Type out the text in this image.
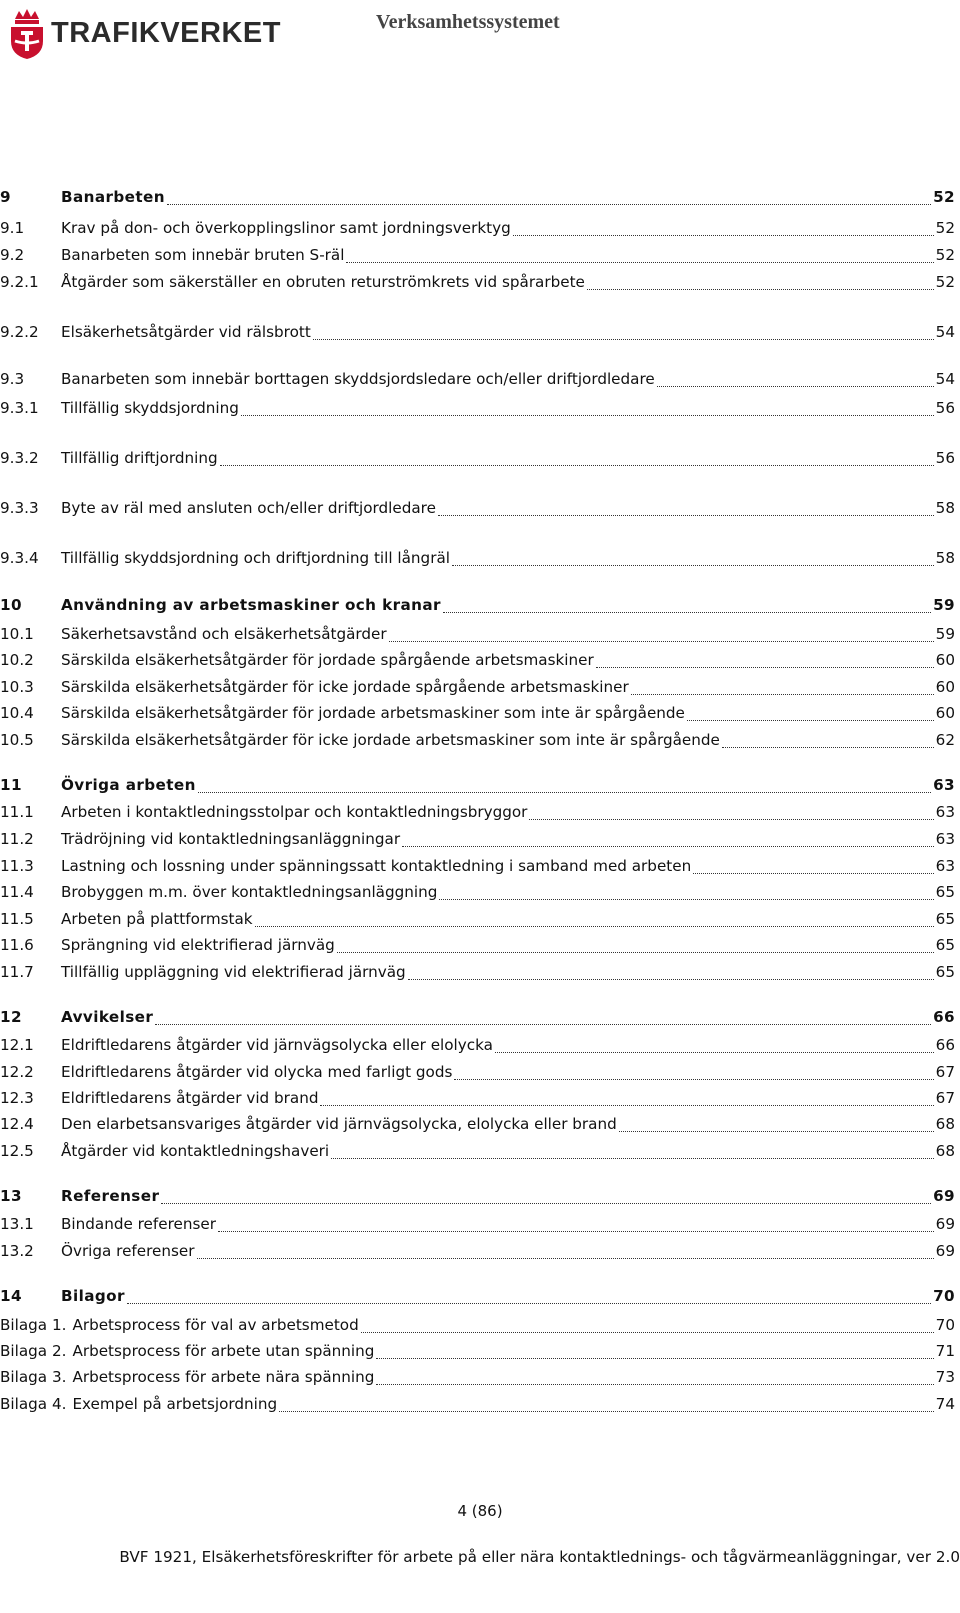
TRAFIKVERKET	Verksamhetssystemet
9	Banarbeten	52
9.1	Krav på don- och överkopplingslinor samt jordningsverktyg	52
9.2	Banarbeten som innebär bruten S-räl	52
9.2.1	Åtgärder som säkerställer en obruten returströmkrets vid spårarbete	52
9.2.2	Elsäkerhetsåtgärder vid rälsbrott	54
9.3	Banarbeten som innebär borttagen skyddsjordsledare och/eller driftjordledare	54
9.3.1	Tillfällig skyddsjordning	56
9.3.2	Tillfällig driftjordning	56
9.3.3	Byte av räl med ansluten och/eller driftjordledare	58
9.3.4	Tillfällig skyddsjordning och driftjordning till långräl	58
10	Användning av arbetsmaskiner och kranar	59
10.1	Säkerhetsavstånd och elsäkerhetsåtgärder	59
10.2	Särskilda elsäkerhetsåtgärder för jordade spårgående arbetsmaskiner	60
10.3	Särskilda elsäkerhetsåtgärder för icke jordade spårgående arbetsmaskiner	60
10.4	Särskilda elsäkerhetsåtgärder för jordade arbetsmaskiner som inte är spårgående	60
10.5	Särskilda elsäkerhetsåtgärder för icke jordade arbetsmaskiner som inte är spårgående	62
11	Övriga arbeten	63
11.1	Arbeten i kontaktledningsstolpar och kontaktledningsbryggor	63
11.2	Trädröjning vid kontaktledningsanläggningar	63
11.3	Lastning och lossning under spänningssatt kontaktledning i samband med arbeten	63
11.4	Brobyggen m.m. över kontaktledningsanläggning	65
11.5	Arbeten på plattformstak	65
11.6	Sprängning vid elektrifierad järnväg	65
11.7	Tillfällig uppläggning vid elektrifierad järnväg	65
12	Avvikelser	66
12.1	Eldriftledarens åtgärder vid järnvägsolycka eller elolycka	66
12.2	Eldriftledarens åtgärder vid olycka med farligt gods	67
12.3	Eldriftledarens åtgärder vid brand	67
12.4	Den elarbetsansvariges åtgärder vid järnvägsolycka, elolycka eller brand	68
12.5	Åtgärder vid kontaktledningshaveri	68
13	Referenser	69
13.1	Bindande referenser	69
13.2	Övriga referenser	69
14	Bilagor	70
Bilaga 1. Arbetsprocess för val av arbetsmetod	70
Bilaga 2. Arbetsprocess för arbete utan spänning	71
Bilaga 3. Arbetsprocess för arbete nära spänning	73
Bilaga 4. Exempel på arbetsjordning	74
4 (86)
BVF 1921, Elsäkerhetsföreskrifter för arbete på eller nära kontaktlednings- och tågvärmeanläggningar, ver 2.0
